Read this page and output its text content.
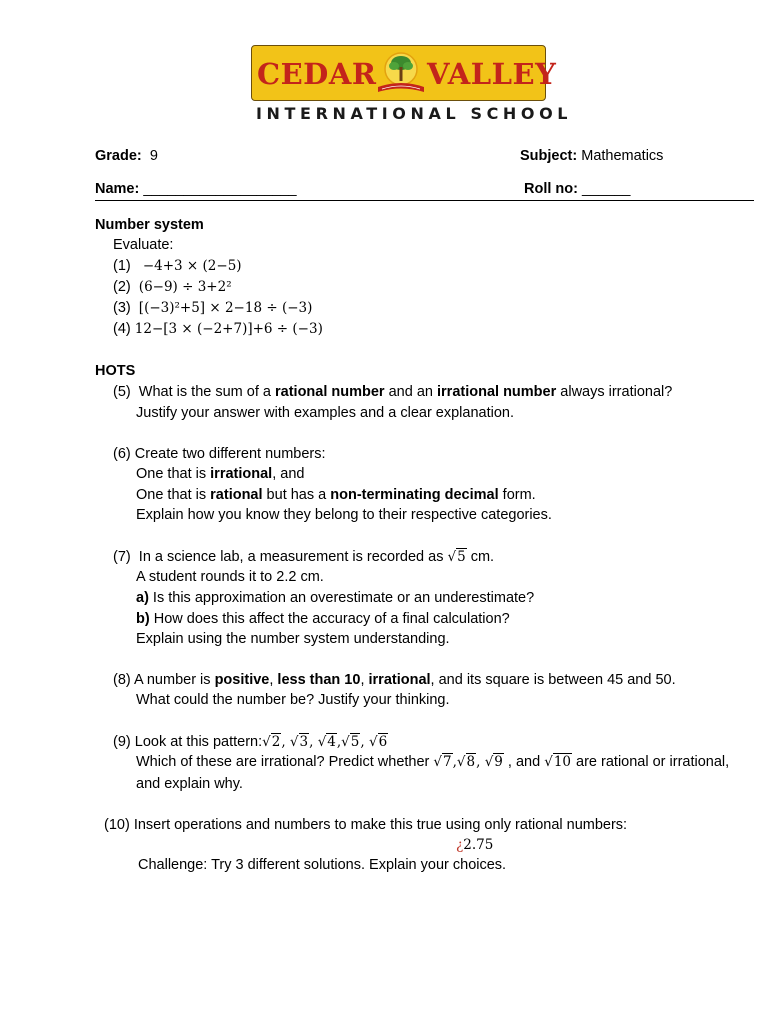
CEDAR VALLEY
INTERNATIONAL SCHOOL
Grade: 9	Subject: Mathematics
Name: ___________________	Roll no: ______
Number system
Evaluate:
(1) −4+3 × (2−5)
(2) (6−9) ÷ 3+2²
(3) [(−3)²+5] × 2−18 ÷ (−3)
(4) 12−[3 × (−2+7)]+6 ÷ (−3)
HOTS
(5) What is the sum of a rational number and an irrational number always irrational?
Justify your answer with examples and a clear explanation.
(6) Create two different numbers:
One that is irrational, and
One that is rational but has a non-terminating decimal form.
Explain how you know they belong to their respective categories.
(7) In a science lab, a measurement is recorded as √5 cm.
A student rounds it to 2.2 cm.
a) Is this approximation an overestimate or an underestimate?
b) How does this affect the accuracy of a final calculation?
Explain using the number system understanding.
(8) A number is positive, less than 10, irrational, and its square is between 45 and 50.
What could the number be? Justify your thinking.
(9) Look at this pattern:√2, √3, √4,√5, √6
Which of these are irrational? Predict whether √7,√8, √9 , and √10 are rational or irrational,
and explain why.
(10) Insert operations and numbers to make this true using only rational numbers:
¿2.75
Challenge: Try 3 different solutions. Explain your choices.
